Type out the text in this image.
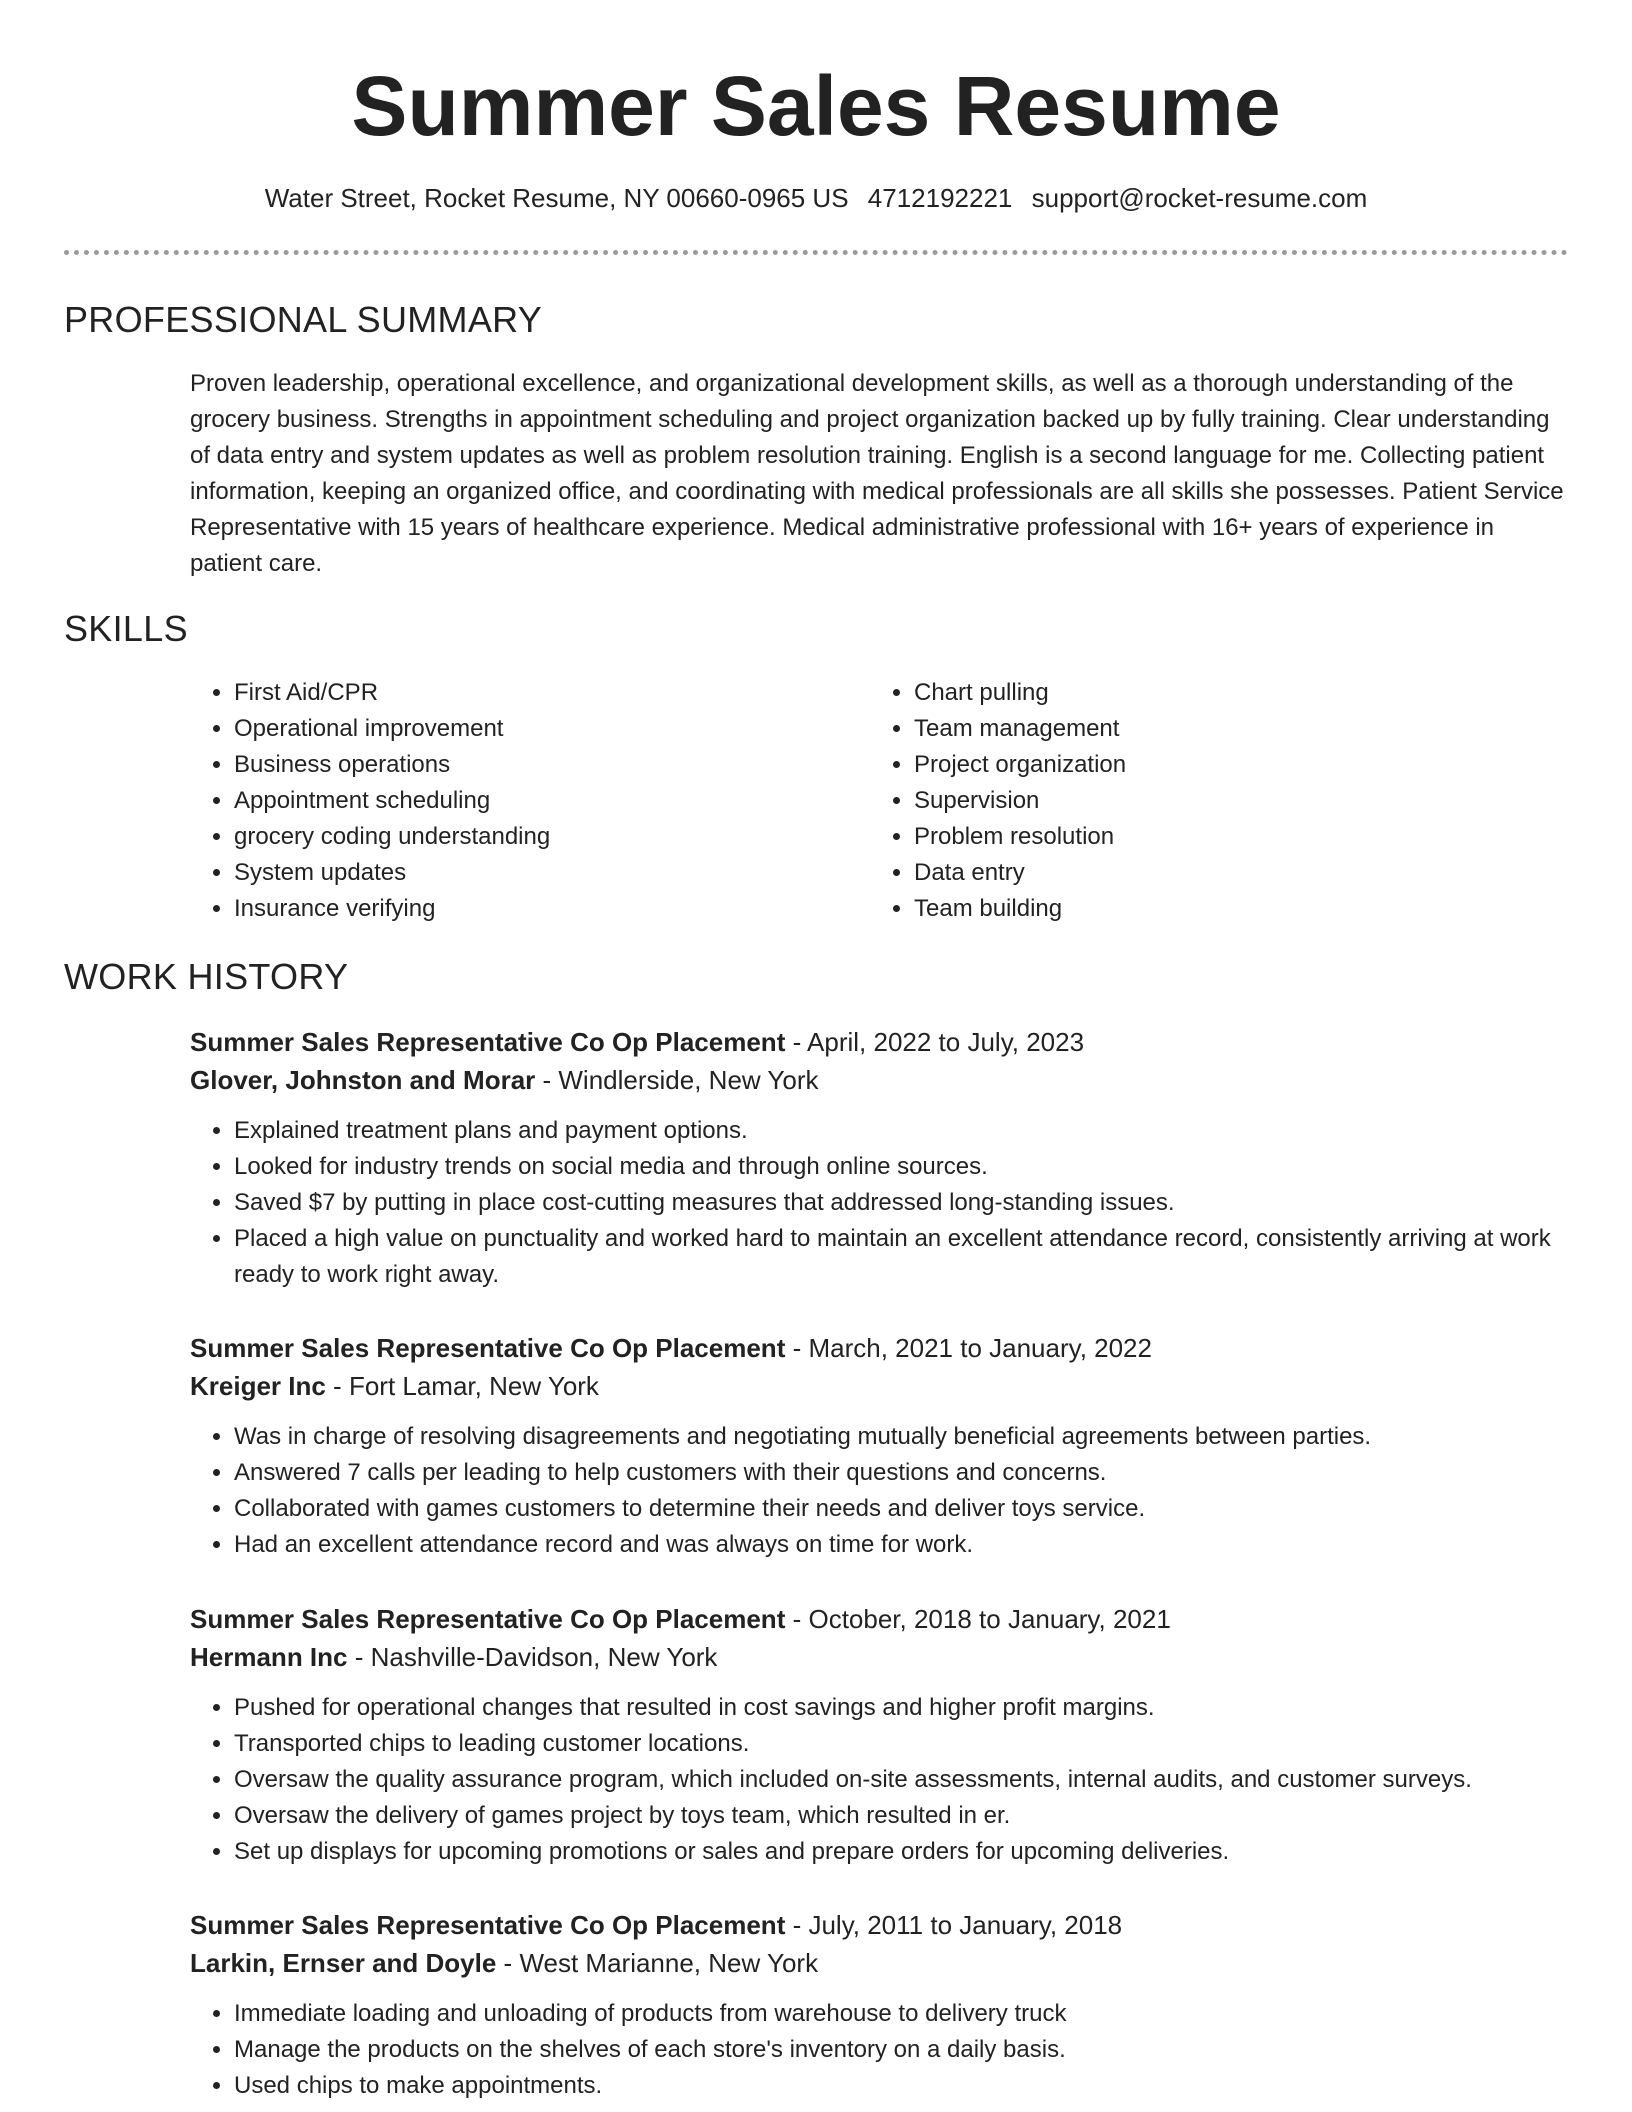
Summer Sales Resume
Water Street, Rocket Resume, NY 00660-0965 US 4712192221 support@rocket-resume.com
PROFESSIONAL SUMMARY
Proven leadership, operational excellence, and organizational development skills, as well as a thorough understanding of the grocery business. Strengths in appointment scheduling and project organization backed up by fully training. Clear understanding of data entry and system updates as well as problem resolution training. English is a second language for me. Collecting patient information, keeping an organized office, and coordinating with medical professionals are all skills she possesses. Patient Service Representative with 15 years of healthcare experience. Medical administrative professional with 16+ years of experience in patient care.
SKILLS
• First Aid/CPR
• Operational improvement
• Business operations
• Appointment scheduling
• grocery coding understanding
• System updates
• Insurance verifying
• Chart pulling
• Team management
• Project organization
• Supervision
• Problem resolution
• Data entry
• Team building
WORK HISTORY
Summer Sales Representative Co Op Placement - April, 2022 to July, 2023
Glover, Johnston and Morar - Windlerside, New York
• Explained treatment plans and payment options.
• Looked for industry trends on social media and through online sources.
• Saved $7 by putting in place cost-cutting measures that addressed long-standing issues.
• Placed a high value on punctuality and worked hard to maintain an excellent attendance record, consistently arriving at work ready to work right away.
Summer Sales Representative Co Op Placement - March, 2021 to January, 2022
Kreiger Inc - Fort Lamar, New York
• Was in charge of resolving disagreements and negotiating mutually beneficial agreements between parties.
• Answered 7 calls per leading to help customers with their questions and concerns.
• Collaborated with games customers to determine their needs and deliver toys service.
• Had an excellent attendance record and was always on time for work.
Summer Sales Representative Co Op Placement - October, 2018 to January, 2021
Hermann Inc - Nashville-Davidson, New York
• Pushed for operational changes that resulted in cost savings and higher profit margins.
• Transported chips to leading customer locations.
• Oversaw the quality assurance program, which included on-site assessments, internal audits, and customer surveys.
• Oversaw the delivery of games project by toys team, which resulted in er.
• Set up displays for upcoming promotions or sales and prepare orders for upcoming deliveries.
Summer Sales Representative Co Op Placement - July, 2011 to January, 2018
Larkin, Ernser and Doyle - West Marianne, New York
• Immediate loading and unloading of products from warehouse to delivery truck
• Manage the products on the shelves of each store's inventory on a daily basis.
• Used chips to make appointments.
